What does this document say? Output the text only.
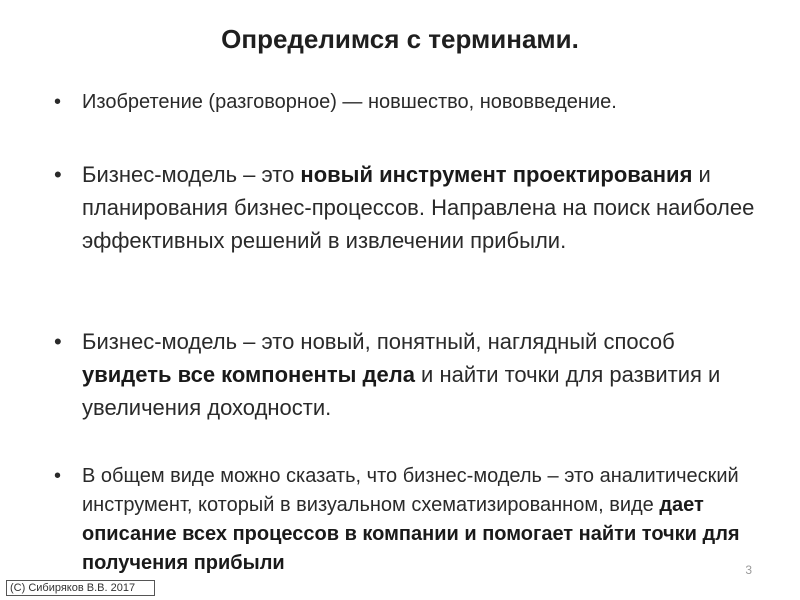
Определимся с терминами.
• Изобретение (разговорное) — новшество, нововведение.
• Бизнес-модель – это новый инструмент проектирования и планирования бизнес-процессов. Направлена на поиск наиболее эффективных решений в извлечении прибыли.
• Бизнес-модель – это новый, понятный, наглядный способ увидеть все компоненты дела и найти точки для развития и увеличения доходности.
• В общем виде можно сказать, что бизнес-модель – это аналитический инструмент, который в визуальном схематизированном, виде дает описание всех процессов в компании и помогает найти точки для получения прибыли	3
(С) Сибиряков В.В. 2017
